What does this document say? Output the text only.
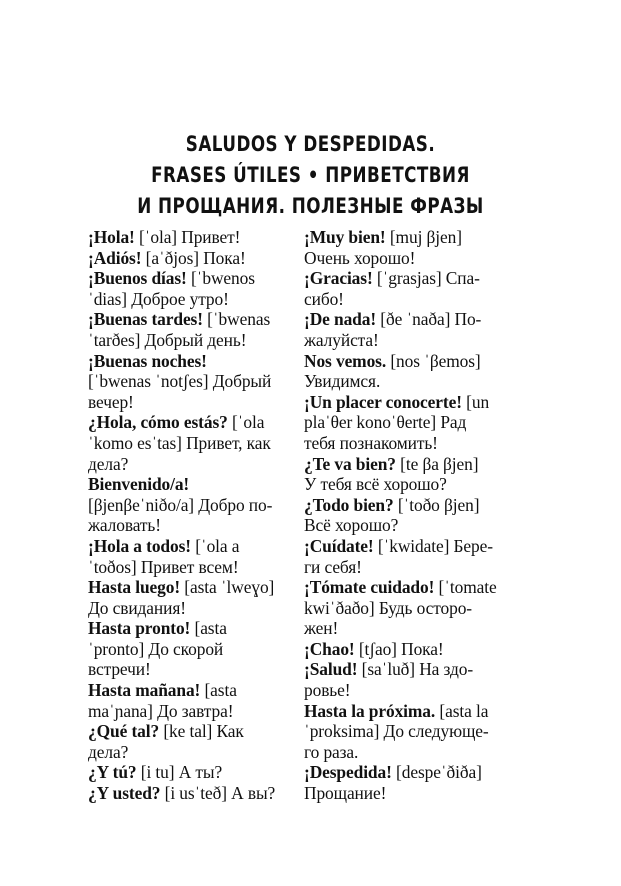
SALUDOS Y DESPEDIDAS.
FRASES ÚTILES • ПРИВЕТСТВИЯ
И ПРОЩАНИЯ. ПОЛЕЗНЫЕ ФРАЗЫ
¡Hola! [ˈola] Привет!
¡Adiós! [aˈðjos] Пока!
¡Buenos días! [ˈbwenos
ˈdias] Доброе утро!
¡Buenas tardes! [ˈbwenas
ˈtarðes] Добрый день!
¡Buenas noches!
[ˈbwenas ˈnotʃes] Добрый
вечер!
¿Hola, cómo estás? [ˈola
ˈkomo esˈtas] Привет, как
дела?
Bienvenido/a!
[βjenβeˈniðo/a] Добро по-
жаловать!
¡Hola a todos! [ˈola a
ˈtoðos] Привет всем!
Hasta luego! [asta ˈlweɣo]
До свидания!
Hasta pronto! [asta
ˈpronto] До скорой
встречи!
Hasta mañana! [asta
maˈɲana] До завтра!
¿Qué tal? [ke tal] Как
дела?
¿Y tú? [i tu] А ты?
¿Y usted? [i usˈteð] А вы?
¡Muy bien! [muj βjen]
Очень хорошо!
¡Gracias! [ˈgrasjas] Спа-
сибо!
¡De nada! [ðe ˈnaða] По-
жалуйста!
Nos vemos. [nos ˈβemos]
Увидимся.
¡Un placer conocerte! [un
plaˈθer konoˈθerte] Рад
тебя познакомить!
¿Te va bien? [te βa βjen]
У тебя всё хорошо?
¿Todo bien? [ˈtoðo βjen]
Всё хорошо?
¡Cuídate! [ˈkwidate] Бере-
ги себя!
¡Tómate cuidado! [ˈtomate
kwiˈðaðo] Будь осторо-
жен!
¡Chao! [tʃao] Пока!
¡Salud! [saˈluð] На здо-
ровье!
Hasta la próxima. [asta la
ˈproksima] До следующе-
го раза.
¡Despedida! [despeˈðiða]
Прощание!
